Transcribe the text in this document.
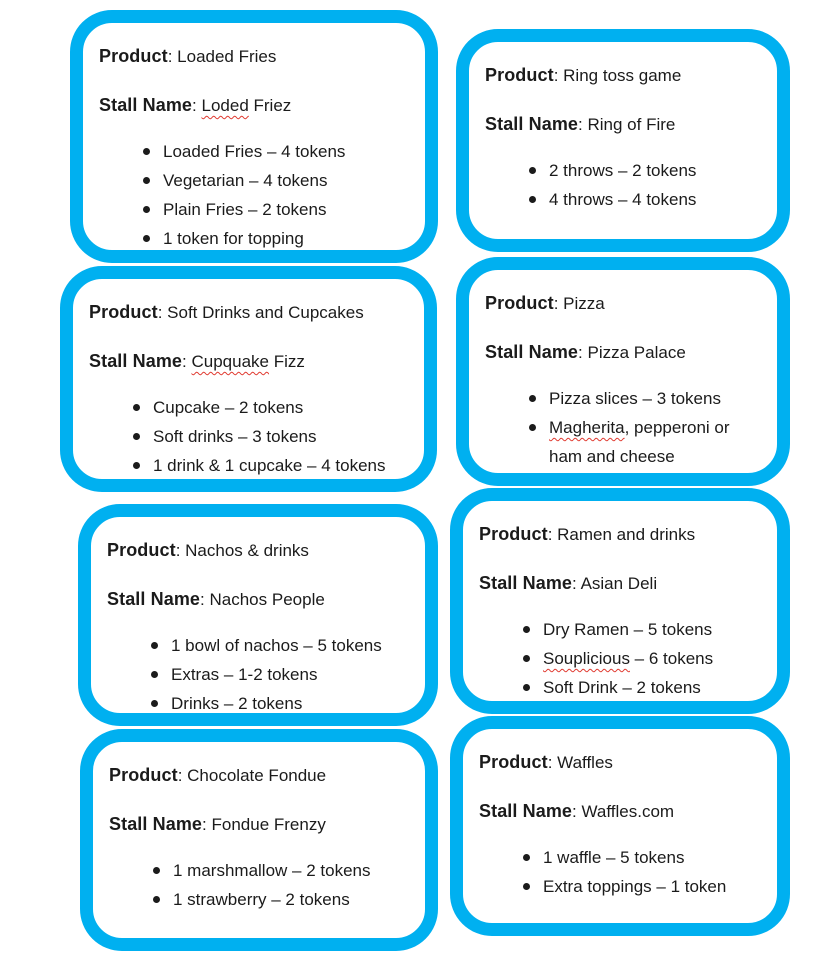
Product: Loaded Fries

Stall Name: Loded Friez

Loaded Fries – 4 tokens
Vegetarian – 4 tokens
Plain Fries – 2 tokens
1 token for topping

Product: Ring toss game

Stall Name: Ring of Fire

2 throws – 2 tokens
4 throws – 4 tokens

Product: Soft Drinks and Cupcakes

Stall Name: Cupquake Fizz

Cupcake – 2 tokens
Soft drinks – 3 tokens
1 drink & 1 cupcake – 4 tokens

Product: Pizza

Stall Name: Pizza Palace

Pizza slices – 3 tokens
Magherita, pepperoni or ham and cheese

Product: Nachos & drinks

Stall Name: Nachos People

1 bowl of nachos – 5 tokens
Extras – 1-2 tokens
Drinks – 2 tokens

Product: Ramen and drinks

Stall Name: Asian Deli

Dry Ramen – 5 tokens
Souplicious – 6 tokens
Soft Drink – 2 tokens

Product: Chocolate Fondue

Stall Name: Fondue Frenzy

1 marshmallow – 2 tokens
1 strawberry – 2 tokens

Product: Waffles

Stall Name: Waffles.com

1 waffle – 5 tokens
Extra toppings – 1 token
